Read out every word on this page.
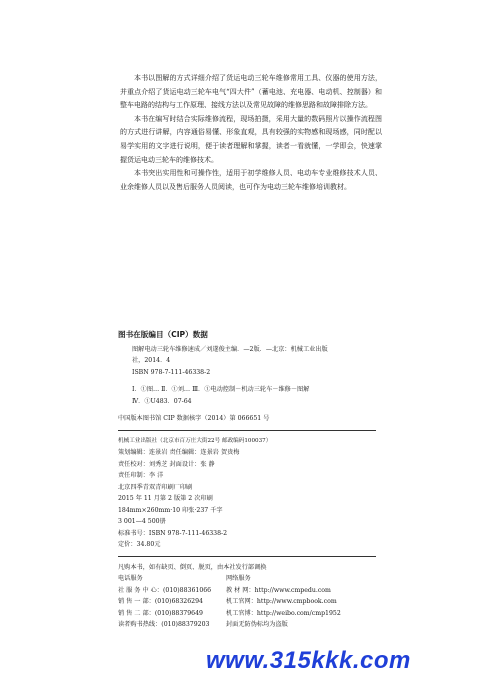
本书以图解的方式详细介绍了货运电动三轮车维修常用工具、仪器的使用方法，并重点介绍了货运电动三轮车电气“四大件”（蓄电池、充电器、电动机、控制器）和整车电路的结构与工作原理、接线方法以及常见故障的维修思路和故障排除方法。

本书在编写时结合实际维修流程，现场拍摄，采用大量的数码照片以操作流程图的方式进行讲解，内容通俗易懂、形象直观，具有较强的实物感和现场感，同时配以易学实用的文字进行说明，便于读者理解和掌握，读者一看就懂，一学即会，快速掌握货运电动三轮车的维修技术。

本书突出实用性和可操作性，适用于初学维修人员、电动车专业维修技术人员、业余维修人员以及售后服务人员阅读，也可作为电动三轮车维修培训教材。

图书在版编目（CIP）数据
图解电动三轮车维修速成／刘遂俊主编．—2版．—北京：机械工业出版
社，2014．4
ISBN 978-7-111-46338-2
Ⅰ．①图… Ⅱ．①刘… Ⅲ．①电动控制－机动三轮车－维修－图解
Ⅳ．①U483．07-64
中国版本图书馆 CIP 数据核字（2014）第 066651 号
机械工业出版社（北京市百万庄大街22号 邮政编码100037）
策划编辑：连景岩 责任编辑：连景岩 贺贵梅
责任校对：刘秀芝 封面设计：张 静
责任印制：李 洋
北京四季青双青印刷厂印刷
2015 年 11 月第 2 版第 2 次印刷
184mm×260mm·10 印张·237 千字
3 001—4 500册
标准书号：ISBN 978-7-111-46338-2
定价：34.80元
凡购本书，如有缺页、倒页、脱页，由本社发行部调换
电话服务	网络服务
社 服 务 中 心：(010)88361066	教 材 网：http://www.cmpedu.com
销 售 一 部：(010)68326294	机工官网：http://www.cmpbook.com
销 售 二 部：(010)88379649	机工官博：http://weibo.com/cmp1952
读者购书热线：(010)88379203	封面无防伪标均为盗版
www.315kkk.com
